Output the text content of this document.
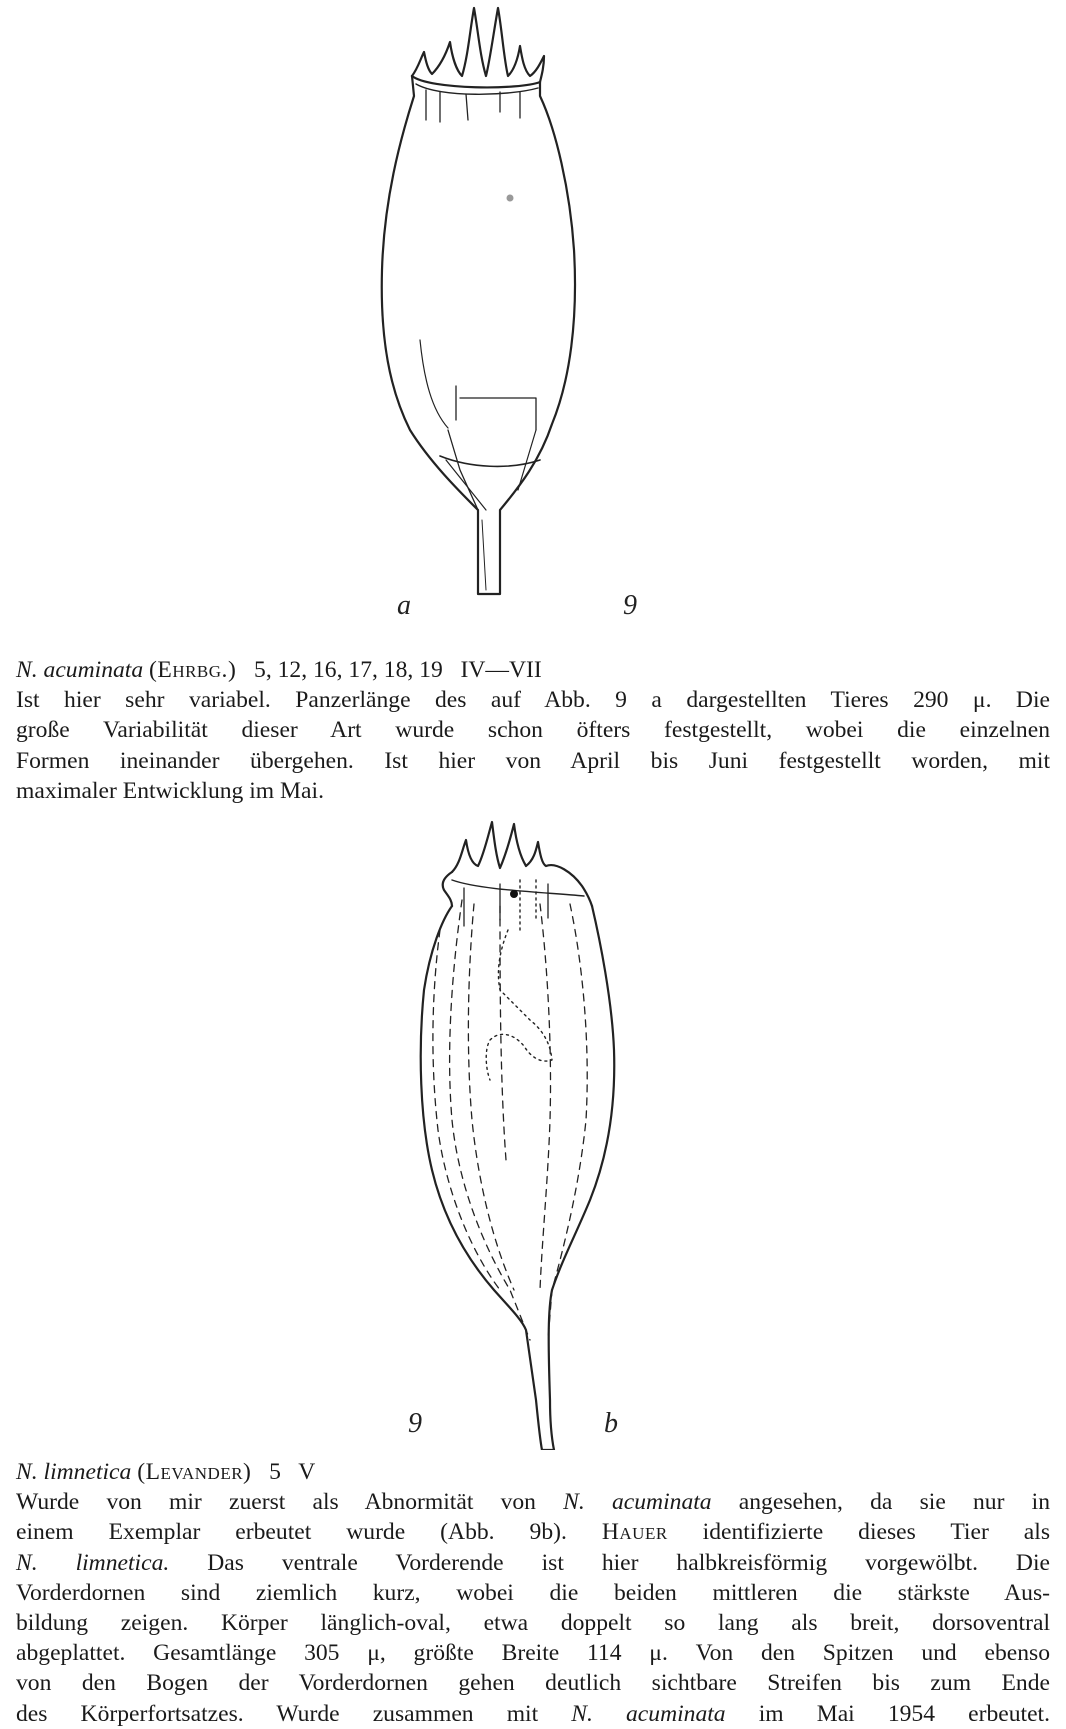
a	9
N. acuminata (Ehrbg.) 5, 12, 16, 17, 18, 19 IV—VII
Ist hier sehr variabel. Panzerlänge des auf Abb. 9 a dargestellten Tieres 290 μ. Die
große Variabilität dieser Art wurde schon öfters festgestellt, wobei die einzelnen
Formen ineinander übergehen. Ist hier von April bis Juni festgestellt worden, mit
maximaler Entwicklung im Mai.
9	b
N. limnetica (Levander) 5 V
Wurde von mir zuerst als Abnormität von N. acuminata angesehen, da sie nur in
einem Exemplar erbeutet wurde (Abb. 9b). Hauer identifizierte dieses Tier als
N. limnetica. Das ventrale Vorderende ist hier halbkreisförmig vorgewölbt. Die
Vorderdornen sind ziemlich kurz, wobei die beiden mittleren die stärkste Aus-
bildung zeigen. Körper länglich-oval, etwa doppelt so lang als breit, dorsoventral
abgeplattet. Gesamtlänge 305 μ, größte Breite 114 μ. Von den Spitzen und ebenso
von den Bogen der Vorderdornen gehen deutlich sichtbare Streifen bis zum Ende
des Körperfortsatzes. Wurde zusammen mit N. acuminata im Mai 1954 erbeutet.
